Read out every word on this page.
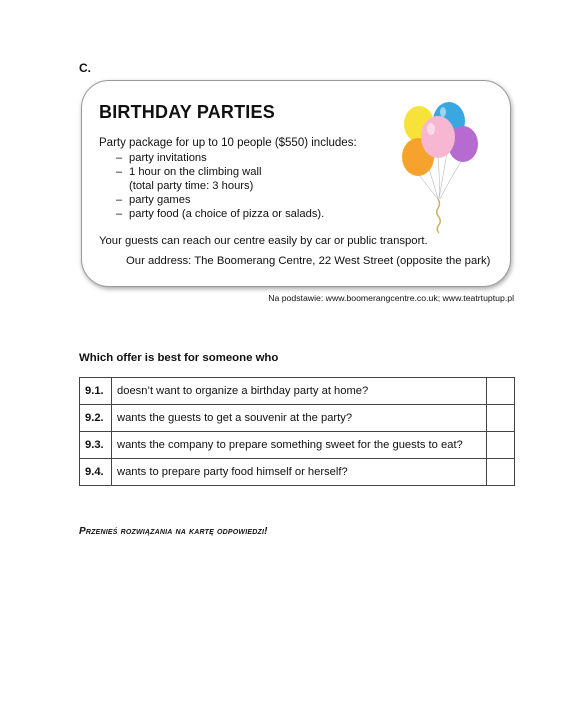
C.
BIRTHDAY PARTIES
Party package for up to 10 people ($550) includes:
– party invitations
– 1 hour on the climbing wall
(total party time: 3 hours)
– party games
– party food (a choice of pizza or salads).
Your guests can reach our centre easily by car or public transport.
Our address: The Boomerang Centre, 22 West Street (opposite the park)
Na podstawie: www.boomerangcentre.co.uk; www.teatrtuptup.pl
Which offer is best for someone who
9.1.	doesn’t want to organize a birthday party at home?	
9.2.	wants the guests to get a souvenir at the party?	
9.3.	wants the company to prepare something sweet for the guests to eat?	
9.4.	wants to prepare party food himself or herself?	
Przenieś rozwiązania na kartę odpowiedzi!
